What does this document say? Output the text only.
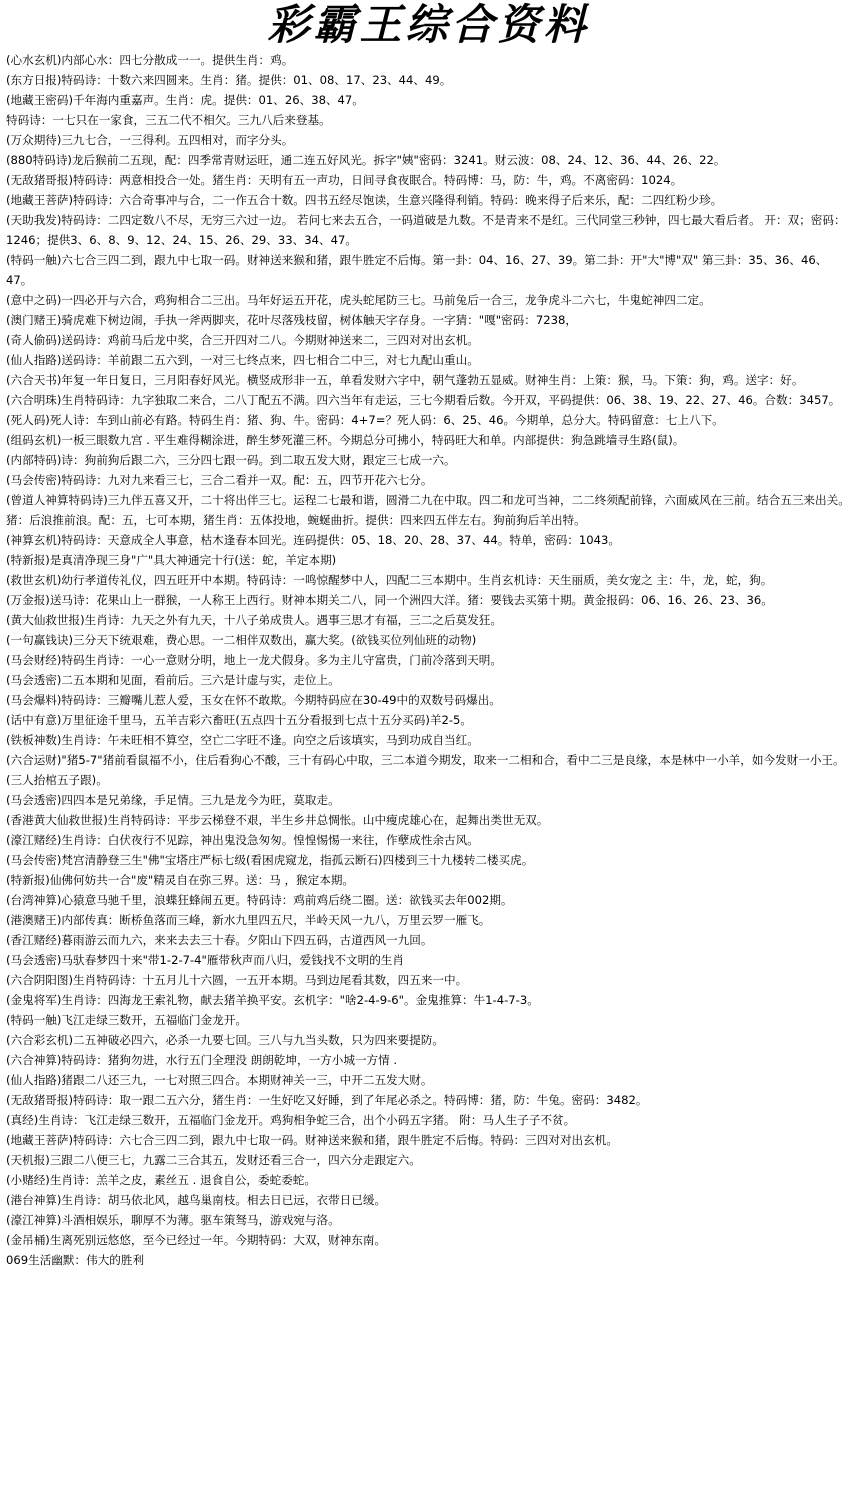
彩霸王综合资料
(心水玄机)内部心水：四七分散成一一。提供生肖：鸡。
(东方日报)特码诗：十数六来四圆来。生肖：猪。提供：01、08、17、23、44、49。
(地藏王密码)千年海内重嘉声。生肖：虎。提供：01、26、38、47。
特码诗：一七只在一家食，三五二代不相欠。三九八后来登基。
(万众期待)三九七合，一三得利。五四相对，而字分头。
(880特码诗)龙后猴前二五现，配：四季常青财运旺，通二连五好风光。拆字"姨"密码：3241。财云波：08、24、12、36、44、26、22。
(无敌猪哥报)特码诗：两意相投合一处。猪生肖：天明有五一声功，日间寻食夜眠合。特码博：马，防：牛，鸡。不离密码：1024。
(地藏王菩萨)特码诗：六合奇事冲与合，二一作五合十数。四书五经尽饱读，生意兴隆得利销。特码：晚来得子后来乐，配：二四红粉少珍。
(天助我发)特码诗：二四定数八不尽，无穷三六过一边。 若问七来去五合，一码道破是九数。不是青来不是红。三代同堂三秒钟，四七最大看后者。 开：双；密码：1246；提供3、6、8、9、12、24、15、26、29、33、34、47。
(特码一触)六七合三四二到，跟九中七取一码。财神送来猴和猪，跟牛胜定不后悔。第一卦：04、16、27、39。第二卦：开"大"博"双" 第三卦：35、36、46、47。
(意中之码)一四必开与六合，鸡狗相合二三出。马年好运五开花，虎头蛇尾防三七。马前兔后一合三，龙争虎斗二六七，牛鬼蛇神四二定。
(澳门赌王)骑虎难下树边闹，手执一斧两脚夹，花叶尽落残枝留，树体触天字存身。一字猜："嘎"密码：7238，
(奇人偷码)送码诗：鸡前马后龙中奖，合三开四对二八。今期财神送来二，三四对对出玄机。
(仙人指路)送码诗：羊前跟二五六到，一对三七终点来，四七相合二中三，对七九配山重山。
(六合天书)年复一年日复日，三月阳春好风光。横竖成形非一五，单看发财六字中，朝气蓬勃五显威。财神生肖：上策：猴，马。下策：狗，鸡。送字：好。
(六合明珠)生肖特码诗：九字独取二来合，二八丁配五不满。四六当年有走运，三七今期看后数。今开双，平码提供：06、38、19、22、27、46。合数：3457。
(死人码)死人诗：车到山前必有路。特码生肖：猪、狗、牛。密码：4+7=？死人码：6、25、46。今期单，总分大。特码留意：七上八下。
(组码玄机)一板三眼数九宫 . 平生难得糊涂进，醉生梦死灌三杯。今期总分可拂小，特码旺大和单。内部提供：狗急跳墙寻生路(鼠)。
(内部特码)诗：狗前狗后跟二六，三分四七跟一码。到二取五发大财，跟定三七成一六。
(马会传密)特码诗：九对九来看三七，三合二看并一双。配：五，四节开花六七分。
(曾道人神算特码诗)三九伴五喜又开，二十将出伴三七。运程二七最和谐，圆滑二九在中取。四二和龙可当神，二二终须配前锋，六面威风在三前。结合五三来出关。猪：后浪推前浪。配：五，七可本期，猪生肖：五体投地，蜿蜒曲折。提供：四来四五伴左右。狗前狗后羊出特。
(神算玄机)特码诗：天意成全人事意，枯木逢春本回光。连码提供：05、18、20、28、37、44。特单，密码：1043。
(特新报)是真清净现三身"广"具大神通完十行(送：蛇，羊定本期)
(救世玄机)幼行孝道传礼仪，四五旺开中本期。特码诗：一鸣惊醒梦中人，四配二三本期中。生肖玄机诗：天生丽质，美女宠之 主：牛，龙，蛇，狗。
(万金报)送马诗：花果山上一群猴，一人称王上西行。财神本期关二八，同一个洲四大洋。猪：要钱去买第十期。黄金报码：06、16、26、23、36。
(黄大仙救世报)生肖诗：九天之外有九天，十八子弟成贵人。遇事三思才有福，三二之后莫发狂。
(一句赢钱诀)三分天下统艰难，费心思。一二相伴双数出，赢大奖。(欲钱买位列仙班的动物)
(马会财经)特码生肖诗：一心一意财分明，地上一龙犬假身。多为主儿守富贵，门前冷落到天明。
(马会透密)二五本期和见面，看前后。三六是计虚与实，走位上。
(马会爆料)特码诗：三瓣嘴儿惹人爱，玉女在怀不敢欺。今期特码应在30-49中的双数号码爆出。
(话中有意)万里征途千里马，五羊吉彩六畜旺(五点四十五分看报到七点十五分买码)羊2-5。
(铁板神数)生肖诗：午未旺相不算空，空亡二字旺不逢。向空之后该填实，马到功成自当红。
(六合运财)"猪5-7"猪前看鼠福不小，住后看狗心不酸，三十有码心中取，三二本道今期发，取来一二相和合，看中二三是良缘，本是林中一小羊，如今发财一小王。(三人抬棺五子跟)。
(马会透密)四四本是兄弟缘，手足情。三九是龙今为旺，莫取走。
(香港黄大仙救世报)生肖特码诗：平步云梯登不艰，半生乡井总惆怅。山中瘦虎雄心在，起舞出类世无双。
(濠江赌经)生肖诗：白伏夜行不见踪，神出鬼没急匆匆。惶惶惕惕一来往，作孽成性余古风。
(马会传密)梵宫清静登三生"佛"宝塔庄严标七级(看困虎窥龙，指孤云断石)四楼到三十九楼转二楼买虎。
(特新报)仙佛何妨共一合"废"精灵自在弥三界。送：马 ，猴定本期。
(台湾神算)心猿意马驰千里，浪蝶狂蜂闹五更。特码诗：鸡前鸡后绕二圈。送：欲钱买去年002期。
(港澳赌王)内部传真：断桥鱼落而三峰，新水九里四五尺，半岭天风一九八，万里云罗一雁飞。
(香江赌经)暮雨游云而九六，来来去去三十春。夕阳山下四五码，古道西风一九回。
(马会透密)马驮春梦四十来"带1-2-7-4"雁带秋声而八归，爱钱找不文明的生肖
(六合阴阳图)生肖特码诗：十五月儿十六圆，一五开本期。马到边尾看其数，四五来一中。
(金鬼将军)生肖诗：四海龙王索礼物，献去猪羊换平安。玄机字："啥2-4-9-6"。金鬼推算：牛1-4-7-3。
(特码一触)飞江走绿三数开，五福临门金龙开。
(六合彩玄机)二五神破必四六，必杀一九要七回。三八与九当头数，只为四来要提防。
(六合神算)特码诗：猪狗勿进，水行五门全理没 朗朗乾坤，一方小城一方情 .
(仙人指路)猪跟二八还三九，一七对照三四合。本期财神关一三，中开二五发大财。
(无敌猪哥报)特码诗：取一跟二五六分，猪生肖：一生好吃又好睡，到了年尾必杀之。特码博：猪，防：牛兔。密码：3482。
(真经)生肖诗：飞江走绿三数开，五福临门金龙开。鸡狗相争蛇三合，出个小码五字猪。 附：马人生子子不贫。
(地藏王菩萨)特码诗：六七合三四二到，跟九中七取一码。财神送来猴和猪，跟牛胜定不后悔。特码：三四对对出玄机。
(天机报)三跟二八便三七，九露二三合其五，发财还看三合一，四六分走跟定六。
(小赌经)生肖诗：羔羊之皮，素丝五 . 退食自公，委蛇委蛇。
(港台神算)生肖诗：胡马依北风，越鸟巢南枝。相去日已远，衣带日已缓。
(濠江神算)斗酒相娱乐，聊厚不为薄。驱车策驽马，游戏宛与洛。
(金吊桶)生离死别远悠悠，至今已经过一年。今期特码：大双，财神东南。
069生活幽默：伟大的胜利
